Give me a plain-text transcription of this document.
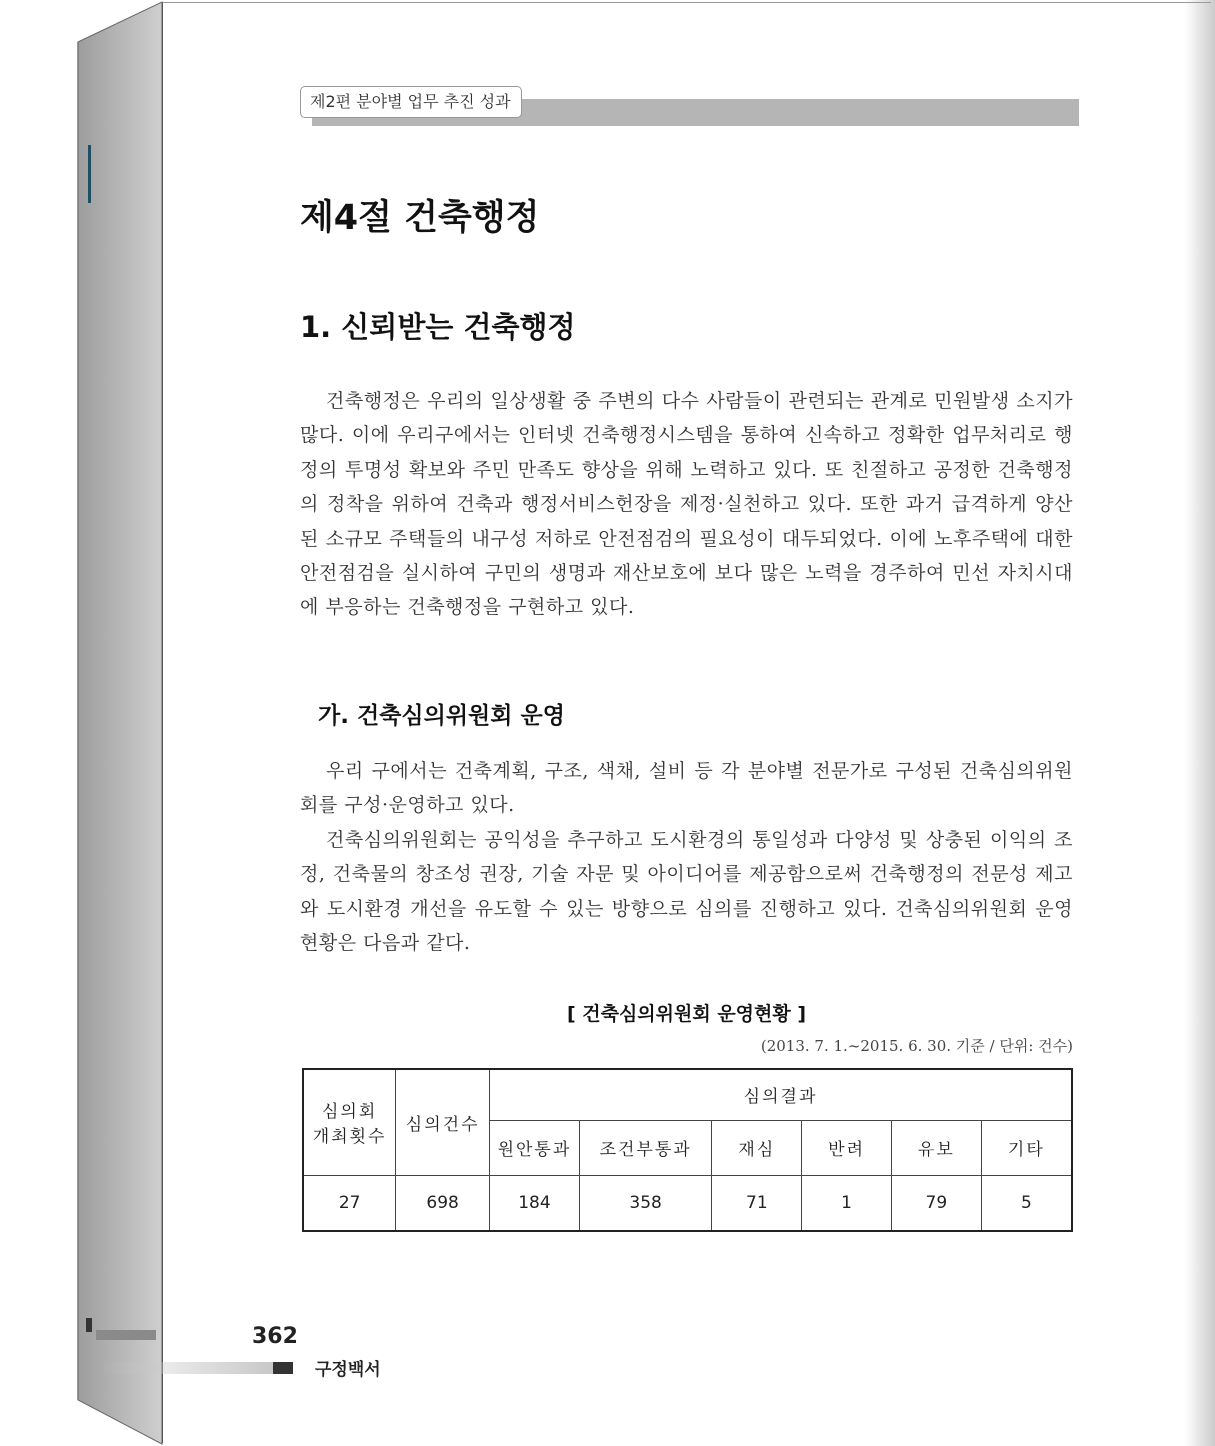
제2편 분야별 업무 추진 성과
제4절 건축행정
1. 신뢰받는 건축행정

건축행정은 우리의 일상생활 중 주변의 다수 사람들이 관련되는 관계로 민원발생 소지가 많다. 이에 우리구에서는 인터넷 건축행정시스템을 통하여 신속하고 정확한 업무처리로 행정의 투명성 확보와 주민 만족도 향상을 위해 노력하고 있다. 또 친절하고 공정한 건축행정의 정착을 위하여 건축과 행정서비스헌장을 제정·실천하고 있다. 또한 과거 급격하게 양산된 소규모 주택들의 내구성 저하로 안전점검의 필요성이 대두되었다. 이에 노후주택에 대한 안전점검을 실시하여 구민의 생명과 재산보호에 보다 많은 노력을 경주하여 민선 자치시대에 부응하는 건축행정을 구현하고 있다.

가. 건축심의위원회 운영

우리 구에서는 건축계획, 구조, 색채, 설비 등 각 분야별 전문가로 구성된 건축심의위원회를 구성·운영하고 있다.

건축심의위원회는 공익성을 추구하고 도시환경의 통일성과 다양성 및 상충된 이익의 조정, 건축물의 창조성 권장, 기술 자문 및 아이디어를 제공함으로써 건축행정의 전문성 제고와 도시환경 개선을 유도할 수 있는 방향으로 심의를 진행하고 있다. 건축심의위원회 운영현황은 다음과 같다.

[ 건축심의위원회 운영현황 ]
(2013. 7. 1.~2015. 6. 30. 기준 / 단위: 건수)
심의회 개최횟수	심의건수	심의결과					
		원안통과	조건부통과	재심	반려	유보	기타
27	698	184	358	71	1	79	5
362
구정백서
